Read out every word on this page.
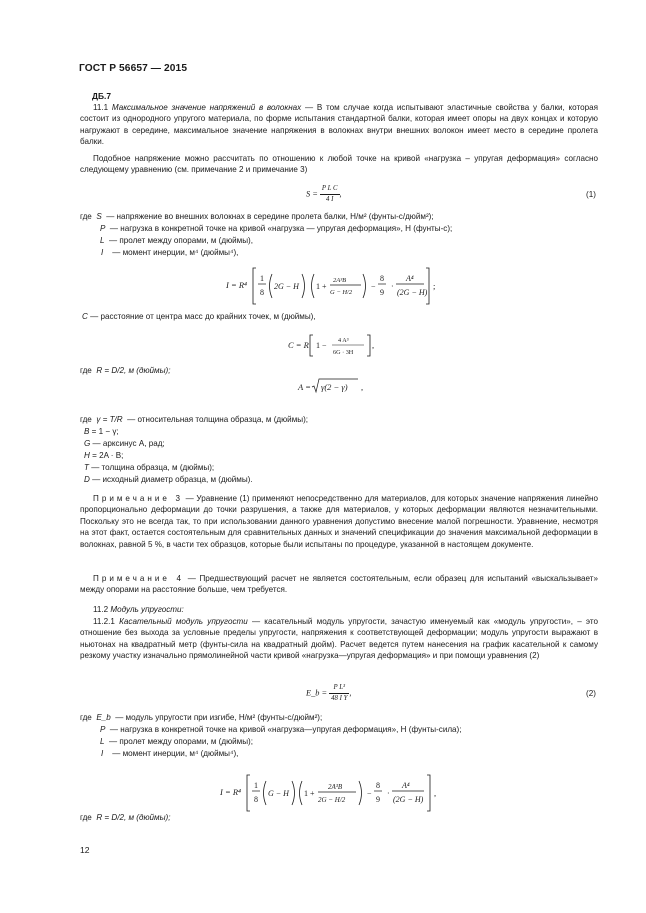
ГОСТ Р 56657 — 2015
ДБ.7
11.1 Максимальное значение напряжений в волокнах — В том случае когда испытывают эластичные свойства у балки, которая состоит из однородного упругого материала, по форме испытания стандартной балки, которая имеет опоры на двух концах и которую нагружают в середине, максимальное значение напряжения в волокнах внутри внешних волокон имеет место в середине пролета балки.
Подобное напряжение можно рассчитать по отношению к любой точке на кривой «нагрузка – упругая деформация» согласно следующему уравнению (см. примечание 2 и примечание 3)
$S = \frac{\text{P L C}}{4 I}$ ,	(1)
где S — напряжение во внешних волокнах в середине пролета балки, Н/м² (фунты-с/дюйм²);
P — нагрузка в конкретной точке на кривой «нагрузка — упругая деформация», Н (фунты-с);
L — пролет между опорами, м (дюймы),
I — момент инерции, м⁴ (дюймы⁴),
I = R⁴
1
8
2G − H 1 +
2A³B
G − H/2
−
8
9
·
A⁴
(2G − H)
;
C — расстояние от центра масс до крайних точек, м (дюймы),
C = R 1 −
4 A³
6G · 3H
,
где R = D/2, м (дюймы);
A = γ(2 − γ) ,
где γ = T/R — относительная толщина образца, м (дюймы);
B = 1 − γ;
G — арксинус A, рад;
H = 2A · B;
T — толщина образца, м (дюймы);
D — исходный диаметр образца, м (дюймы).
Примечание 3 — Уравнение (1) применяют непосредственно для материалов, для которых значение напряжения линейно пропорционально деформации до точки разрушения, а также для материалов, у которых деформации являются незначительными. Поскольку это не всегда так, то при использовании данного уравнения допустимо внесение малой погрешности. Уравнение, несмотря на этот факт, остается состоятельным для сравнительных данных и значений спецификации до значения максимальной деформации в волокнах, равной 5 %, в части тех образцов, которые были испытаны по процедуре, указанной в настоящем документе.
Примечание 4 — Предшествующий расчет не является состоятельным, если образец для испытаний «выскальзывает» между опорами на расстояние больше, чем требуется.
11.2 Модуль упругости:
11.2.1 Касательный модуль упругости — касательный модуль упругости, зачастую именуемый как «модуль упругости», – это отношение без выхода за условные пределы упругости, напряжения к соответствующей деформации; модуль упругости выражают в ньютонах на квадратный метр (фунты-сила на квадратный дюйм). Расчет ведется путем нанесения на график касательной к самому резкому участку изначально прямолинейной части кривой «нагрузка—упругая деформация» и при помощи уравнения (2)
E_b = $\frac{\text{P L³}}{\text{48 I Y}}$ ,	(2)
где E_b — модуль упругости при изгибе, Н/м² (фунты-с/дюйм²);
P — нагрузка в конкретной точке на кривой «нагрузка—упругая деформация», Н (фунты-сила);
L — пролет между опорами, м (дюймы);
I — момент инерции, м⁴ (дюймы⁴),
I = R⁴
1
8
G − H 1 +
2A³B
2G − H/2
−
8
9
·
A⁴
(2G − H)
,
где R = D/2, м (дюймы);
12
